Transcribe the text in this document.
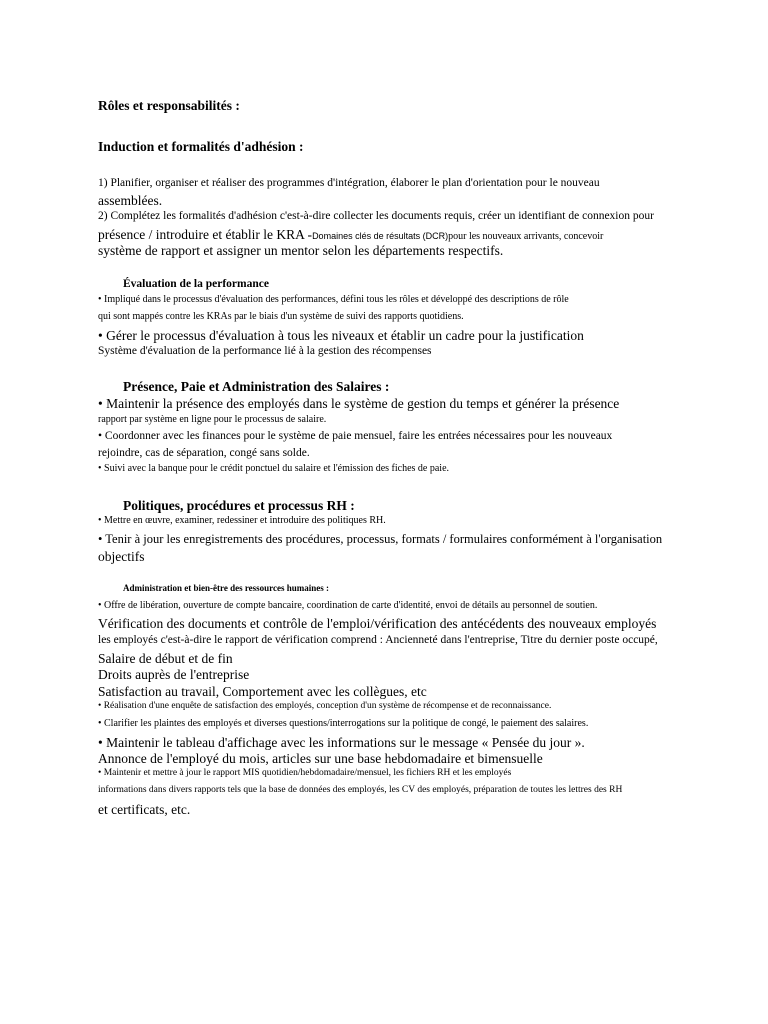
Rôles et responsabilités :
Induction et formalités d'adhésion :
1) Planifier, organiser et réaliser des programmes d'intégration, élaborer le plan d'orientation pour le nouveau
assemblées.
2) Complétez les formalités d'adhésion c'est-à-dire collecter les documents requis, créer un identifiant de connexion pour
présence / introduire et établir le KRA -Domaines clés de résultats (DCR)pour les nouveaux arrivants, concevoir
système de rapport et assigner un mentor selon les départements respectifs.
Évaluation de la performance
• Impliqué dans le processus d'évaluation des performances, défini tous les rôles et développé des descriptions de rôle
qui sont mappés contre les KRAs par le biais d'un système de suivi des rapports quotidiens.
• Gérer le processus d'évaluation à tous les niveaux et établir un cadre pour la justification
Système d'évaluation de la performance lié à la gestion des récompenses
Présence, Paie et Administration des Salaires :
• Maintenir la présence des employés dans le système de gestion du temps et générer la présence
rapport par système en ligne pour le processus de salaire.
• Coordonner avec les finances pour le système de paie mensuel, faire les entrées nécessaires pour les nouveaux
rejoindre, cas de séparation, congé sans solde.
• Suivi avec la banque pour le crédit ponctuel du salaire et l'émission des fiches de paie.
Politiques, procédures et processus RH :
• Mettre en œuvre, examiner, redessiner et introduire des politiques RH.
• Tenir à jour les enregistrements des procédures, processus, formats / formulaires conformément à l'organisation
objectifs
Administration et bien-être des ressources humaines :
• Offre de libération, ouverture de compte bancaire, coordination de carte d'identité, envoi de détails au personnel de soutien.
Vérification des documents et contrôle de l'emploi/vérification des antécédents des nouveaux employés
les employés c'est-à-dire le rapport de vérification comprend : Ancienneté dans l'entreprise, Titre du dernier poste occupé,
Salaire de début et de fin
Droits auprès de l'entreprise
Satisfaction au travail, Comportement avec les collègues, etc
• Réalisation d'une enquête de satisfaction des employés, conception d'un système de récompense et de reconnaissance.
• Clarifier les plaintes des employés et diverses questions/interrogations sur la politique de congé, le paiement des salaires.
• Maintenir le tableau d'affichage avec les informations sur le message « Pensée du jour ».
Annonce de l'employé du mois, articles sur une base hebdomadaire et bimensuelle
• Maintenir et mettre à jour le rapport MIS quotidien/hebdomadaire/mensuel, les fichiers RH et les employés
informations dans divers rapports tels que la base de données des employés, les CV des employés, préparation de toutes les lettres des RH
et certificats, etc.
